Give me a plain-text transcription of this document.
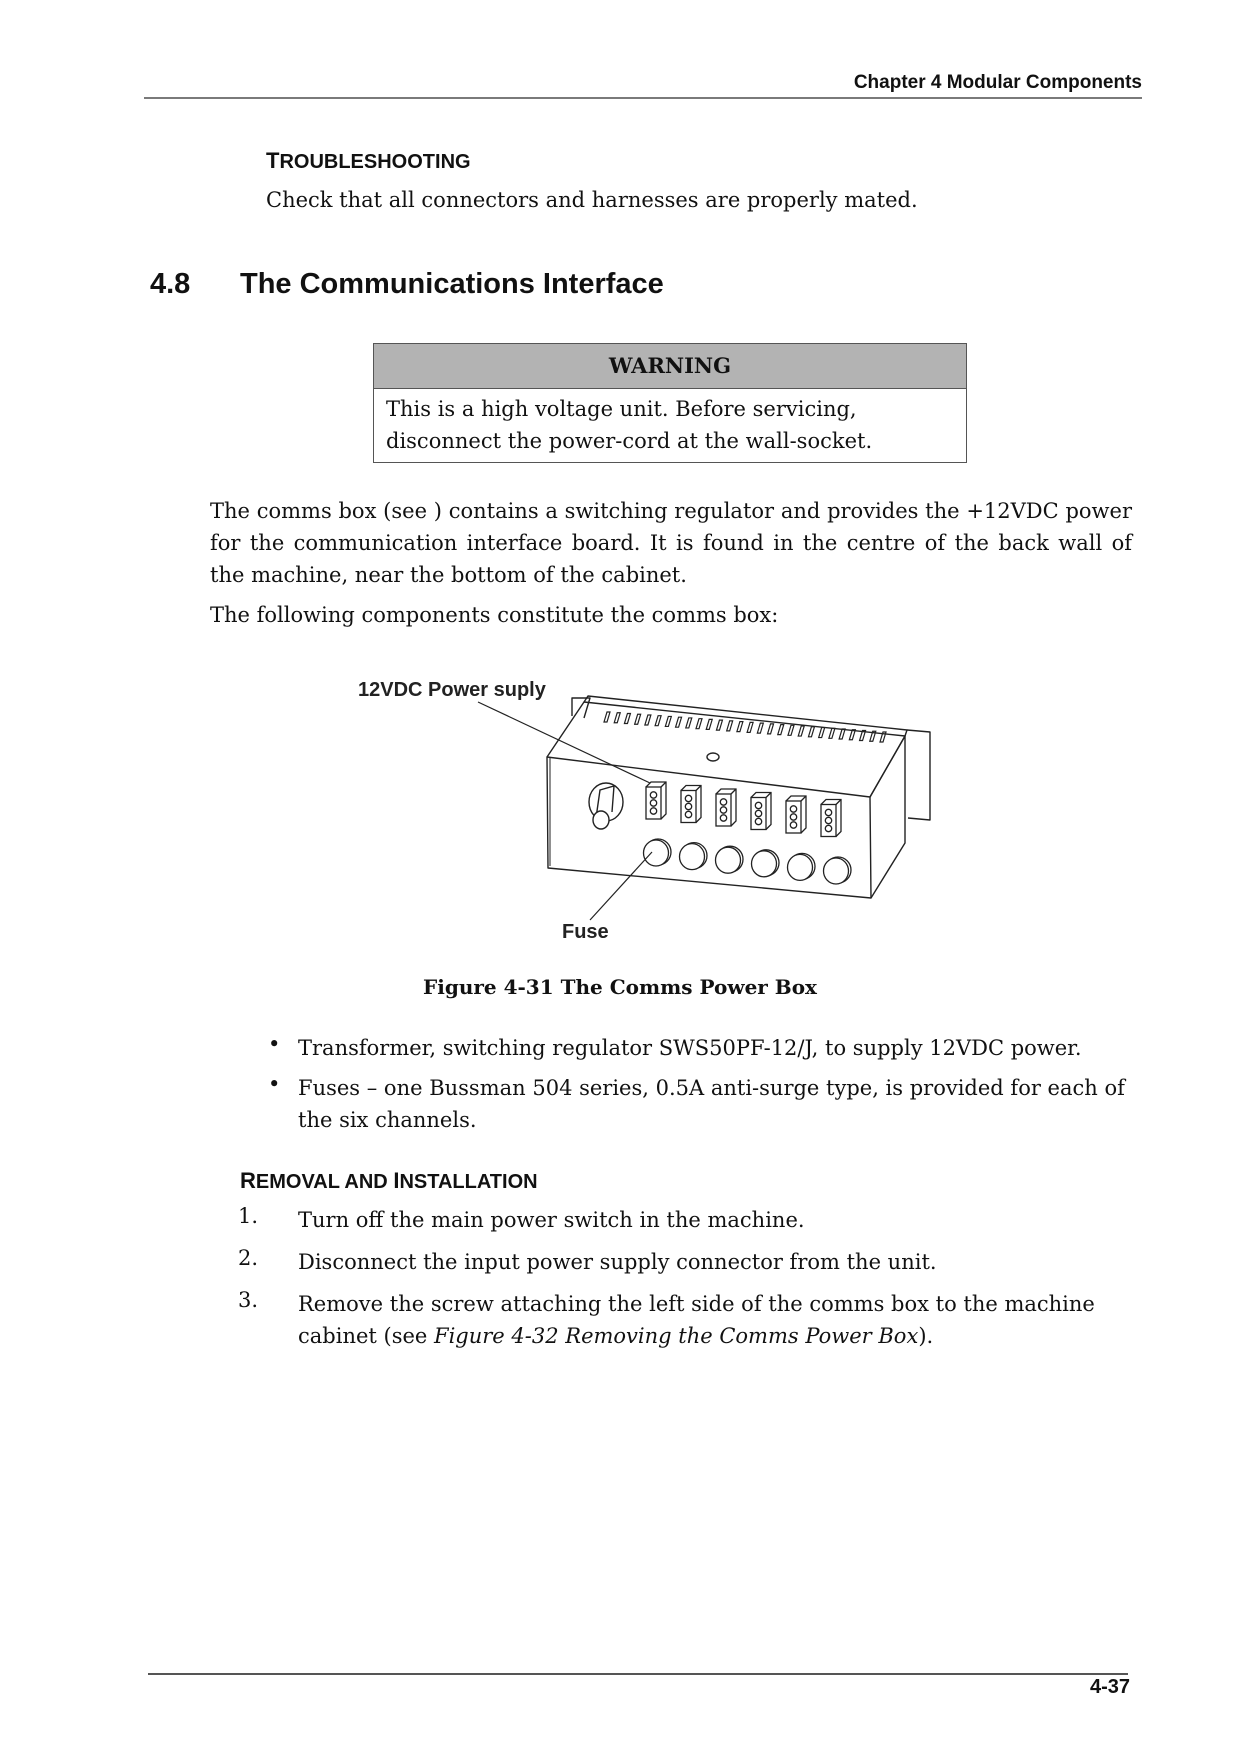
Chapter 4 Modular Components
TROUBLESHOOTING
Check that all connectors and harnesses are properly mated.
4.8 The Communications Interface
WARNING
This is a high voltage unit. Before servicing,
disconnect the power-cord at the wall-socket.
The comms box (see ) contains a switching regulator and provides the +12VDC power for the communication interface board. It is found in the centre of the back wall of the machine, near the bottom of the cabinet.
The following components constitute the comms box:
12VDC Power suply
Fuse
Figure 4-31 The Comms Power Box
• Transformer, switching regulator SWS50PF-12/J, to supply 12VDC power.
• Fuses – one Bussman 504 series, 0.5A anti-surge type, is provided for each of the six channels.
REMOVAL AND INSTALLATION
1. Turn off the main power switch in the machine.
2. Disconnect the input power supply connector from the unit.
3. Remove the screw attaching the left side of the comms box to the machine cabinet (see Figure 4-32 Removing the Comms Power Box).
4-37
